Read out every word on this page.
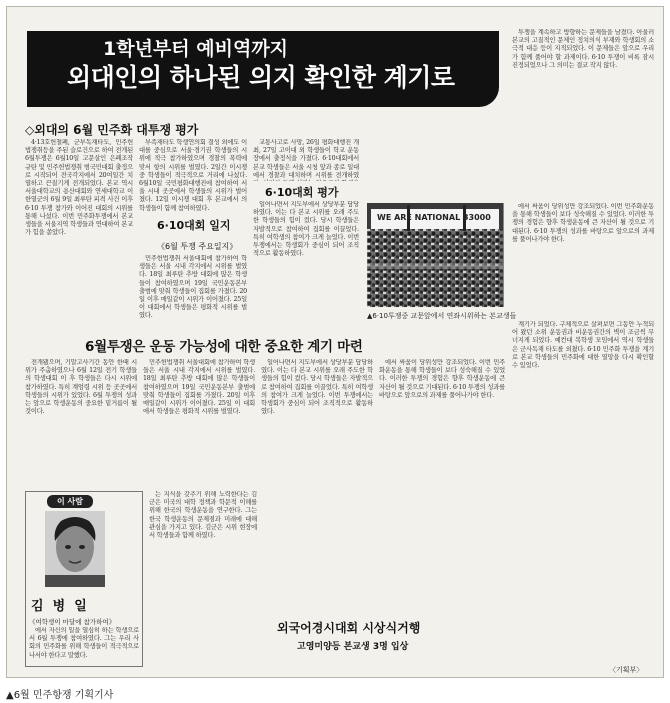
1학년부터 예비역까지
외대인의 하나된 의지 확인한 계기로

투쟁을 계속하고 방향하는 문제들을 남겼다. 아울러 본교의 고질적인 문제인 정치의식 부재와 학생회의 소극적 대응 등이 지적되었다. 이 문제들은 앞으로 우리가 함께 풀어야 할 과제이다. 6·10 투쟁이 비록 잠시 진정되었으나 그 의미는 결코 작지 않다.

◇외대의 6월 민주화 대투쟁 평가

4·13호헌철폐, 군부독재타도, 민주헌법쟁취등을 주된 슬로건으로 하여 전개된 6월투쟁은 6월10일 고문살인 은폐조작규탄 및 민주헌법쟁취 범국민대회 출정으로 시작되어 전국각지에서 20여일간 치열하고 끈질기게 전개되었다. 본교 역시 서울대학교의 용산대회와 연세대학교 이한열군의 6월 9일 최루탄 피격 사건 이후 6·10 투쟁 참가와 이어진 대회의 시위를 통해 나섰다. 이번 민주화투쟁에서 본교생들을 서울지역 학생들과 연대하여 본교가 힘을 쏟았다.

부족재타도 학생연의회 결성 외에도 이대를 중심으로 서울·경기권 학생들의 시위에 적극 참가하였으며 경찰의 폭력에 맞서 항의 시위를 벌였다. 2일간 이시쟁 중 학생들이 적극적으로 거리에 나섰다. 6월10일 국민평화대행진에 참여하여 서울 시내 곳곳에서 학생들의 시위가 벌어졌다. 12일 이시쟁 대회 후 본교에서 의 학생들이 함께 참여하였다.

6·10대회 일지
《6월 투쟁 주요일지》

민주헌법쟁취 서울대회에 참가하여 학생들은 서울 시내 각지에서 시위를 벌였다. 18일 최루탄 추방 대회에 많은 학생들이 참여하였으며 19일 국민운동본부 출범에 맞춰 학생들이 집회를 가졌다. 20일 이후 매일같이 시위가 이어졌다. 25일 이 대회에서 학생들은 평화적 시위를 벌였다.

교통사고로 사망, 26일 평화대행진 개최, 27일 고이대 외 학생들이 학교 운동장에서 출정식을 가졌다. 6·10대회에서 본교 학생들은 서울 시청 앞과 종로 일대에서 경찰과 대치하며 시위를 전개하였

6·10대회 평가

일어나면서 지도부에서 상당부분 담당하였다. 이는 다 본교 시위를 오래 주도한 학생들의 힘이 컸다. 당시 학생들은 자발적으로 참여하여 집회를 이끌었다. 특히 여학생의 참여가 크게 늘었다. 이번 투쟁에서는 학생회가 중심이 되어 조직적으로 활동하였다.

WE ARE NATIONAL 33000

에서 싸움이 당위성만 강조되었다. 이번 민주화운동을 통해 학생들이 보다 성숙해질 수 있었다. 이러한 투쟁의 경험은 향후 학생운동에 큰 자산이 될 것으로 기대된다. 6·10 투쟁의 성과를 바탕으로 앞으로의 과제를 풀어나가야 한다.

▲6·10투쟁중 교문앞에서 연좌시위하는 본교생들
6월투쟁은 운동 가능성에 대한 중요한 계기 마련

계기가 되었다. 구체적으로 살펴보면 그동안 누적되어 왔던 소위 운동권과 비운동권간의 벽이 조금씩 무너지게 되었다. 예컨대 복학생 모임에서 역시 학생들은 군사독재 타도를 외쳤다. 6·10 민주화 투쟁을 계기로 본교 학생들의 민주화에 대한 열망을 다시 확인할 수 있었다.

〈기획부〉

전개됐으며, 기말고사기간 동안 한때 시위가 주춤하였으나 6월 12일 전기 학생들의 학생대회 이 후 학생들은 다시 시위에 참가하였다. 특히 계엄령 시위 등 곳곳에서 학생들의 시위가 있었다. 6월 투쟁의 성과는 앞으로 학생운동의 중요한 밑거름이 될 것이다.

민주헌법쟁취 서울대회에 참가하여 학생들은 서울 시내 각지에서 시위를 벌였다. 18일 최루탄 추방 대회에 많은 학생들이 참여하였으며 19일 국민운동본부 출범에 맞춰 학생들이 집회를 가졌다. 20일 이후 매일같이 시위가 이어졌다. 25일 이 대회에서 학생들은 평화적 시위를 벌였다.

일어나면서 지도부에서 상당부분 담당하였다. 이는 다 본교 시위를 오래 주도한 학생들의 힘이 컸다. 당시 학생들은 자발적으로 참여하여 집회를 이끌었다. 특히 여학생의 참여가 크게 늘었다. 이번 투쟁에서는 학생회가 중심이 되어 조직적으로 활동하였다.

에서 싸움이 당위성만 강조되었다. 이번 민주화운동을 통해 학생들이 보다 성숙해질 수 있었다. 이러한 투쟁의 경험은 향후 학생운동에 큰 자산이 될 것으로 기대된다. 6·10 투쟁의 성과를 바탕으로 앞으로의 과제를 풀어나가야 한다.

이 사람
김  병  일
《여학생이 마달에 참가하여》

에서 자신의 일을 열심히 하는 학생으로서 6월 투쟁에 참여하였다. 그는 우리 사회의 민주화를 위해 학생들이 적극적으로 나서야 한다고 말했다.

는 지식을 갖추기 위해 노력한다는 김군은 미국의 대학 정책과 학문적 이해를 위해 한국의 학생운동을 연구한다. 그는 한국 학생운동의 문제점과 미래에 대해 관심을 가지고 있다. 김군은 시위 현장에서 학생들과 함께 하였다.

외국어경시대회 시상식거행
고영미양등 본교생 3명 입상
▲6월 민주항쟁 기획기사
